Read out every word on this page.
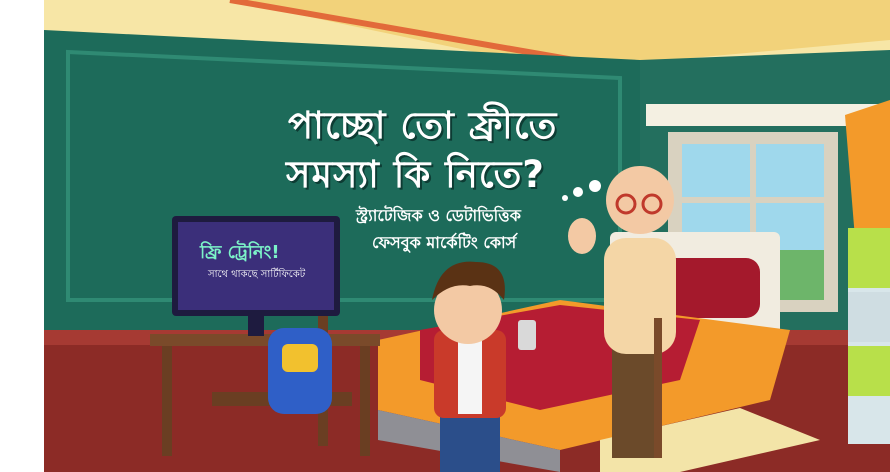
পাচ্ছো তো ফ্রীতে
সমস্যা কি নিতে?
স্ট্র্যাটেজিক ও ডেটাভিত্তিক
ফেসবুক মার্কেটিং কোর্স
ফ্রি ট্রেনিং!
সাথে থাকছে সার্টিফিকেট
